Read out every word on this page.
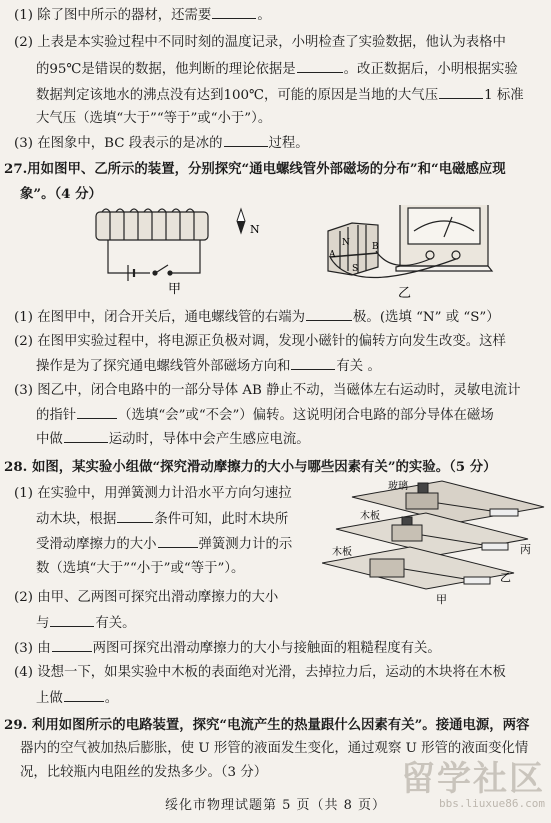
(1) 除了图中所示的器材，还需要	。
(2) 上表是本实验过程中不同时刻的温度记录，小明检查了实验数据，他认为表格中
的95℃是错误的数据，他判断的理论依据是	。改正数据后，小明根据实验
数据判定该地水的沸点没有达到100℃，可能的原因是当地的大气压	1 标准
大气压（选填“大于”“等于”或“小于”）。
(3) 在图象中，BC 段表示的是冰的	过程。
27.用如图甲、乙所示的装置，分别探究“通电螺线管外部磁场的分布”和“电磁感应现
象”。（4 分）
N
甲
A
B
S
N
乙
(1) 在图甲中，闭合开关后，通电螺线管的右端为	极。(选填 “N” 或 “S”）
(2) 在图甲实验过程中，将电源正负极对调，发现小磁针的偏转方向发生改变。这样
操作是为了探究通电螺线管外部磁场方向和	有关 。
(3) 图乙中，闭合电路中的一部分导体 AB 静止不动，当磁体左右运动时，灵敏电流计
的指针	（选填“会”或“不会”）偏转。这说明闭合电路的部分导体在磁场
中做	运动时，导体中会产生感应电流。
28. 如图，某实验小组做“探究滑动摩擦力的大小与哪些因素有关”的实验。（5 分）
(1) 在实验中，用弹簧测力计沿水平方向匀速拉
动木块，根据	条件可知，此时木块所
受滑动摩擦力的大小	弹簧测力计的示
数（选填“大于”“小于”或“等于”）。
(2) 由甲、乙两图可探究出滑动摩擦力的大小
与	有关。
玻璃
木板
木板	丙
乙
甲
(3) 由	两图可探究出滑动摩擦力的大小与接触面的粗糙程度有关。
(4) 设想一下，如果实验中木板的表面绝对光滑，去掉拉力后，运动的木块将在木板
上做	。
29. 利用如图所示的电路装置，探究“电流产生的热量跟什么因素有关”。接通电源，两容
器内的空气被加热后膨胀，使 U 形管的液面发生变化，通过观察 U 形管的液面变化情
况，比较瓶内电阻丝的发热多少。（3 分）
绥化市物理试题第 5 页（共 8 页）
留学社区
bbs.liuxue86.com
